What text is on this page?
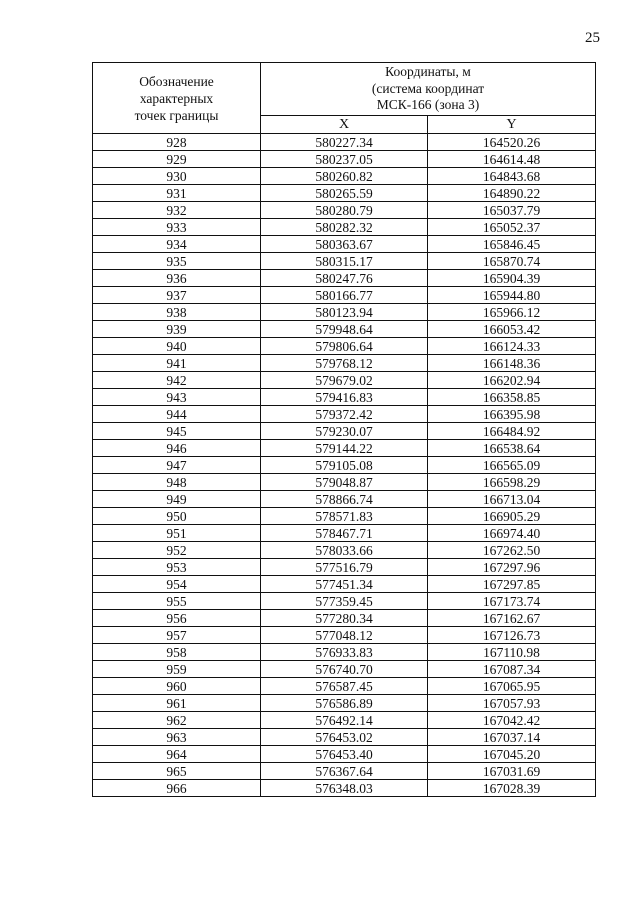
25
Обозначение
характерных
точек границы	Координаты, м
(система координат
МСК-166 (зона 3)	
	X	Y
928	580227.34	164520.26
929	580237.05	164614.48
930	580260.82	164843.68
931	580265.59	164890.22
932	580280.79	165037.79
933	580282.32	165052.37
934	580363.67	165846.45
935	580315.17	165870.74
936	580247.76	165904.39
937	580166.77	165944.80
938	580123.94	165966.12
939	579948.64	166053.42
940	579806.64	166124.33
941	579768.12	166148.36
942	579679.02	166202.94
943	579416.83	166358.85
944	579372.42	166395.98
945	579230.07	166484.92
946	579144.22	166538.64
947	579105.08	166565.09
948	579048.87	166598.29
949	578866.74	166713.04
950	578571.83	166905.29
951	578467.71	166974.40
952	578033.66	167262.50
953	577516.79	167297.96
954	577451.34	167297.85
955	577359.45	167173.74
956	577280.34	167162.67
957	577048.12	167126.73
958	576933.83	167110.98
959	576740.70	167087.34
960	576587.45	167065.95
961	576586.89	167057.93
962	576492.14	167042.42
963	576453.02	167037.14
964	576453.40	167045.20
965	576367.64	167031.69
966	576348.03	167028.39
